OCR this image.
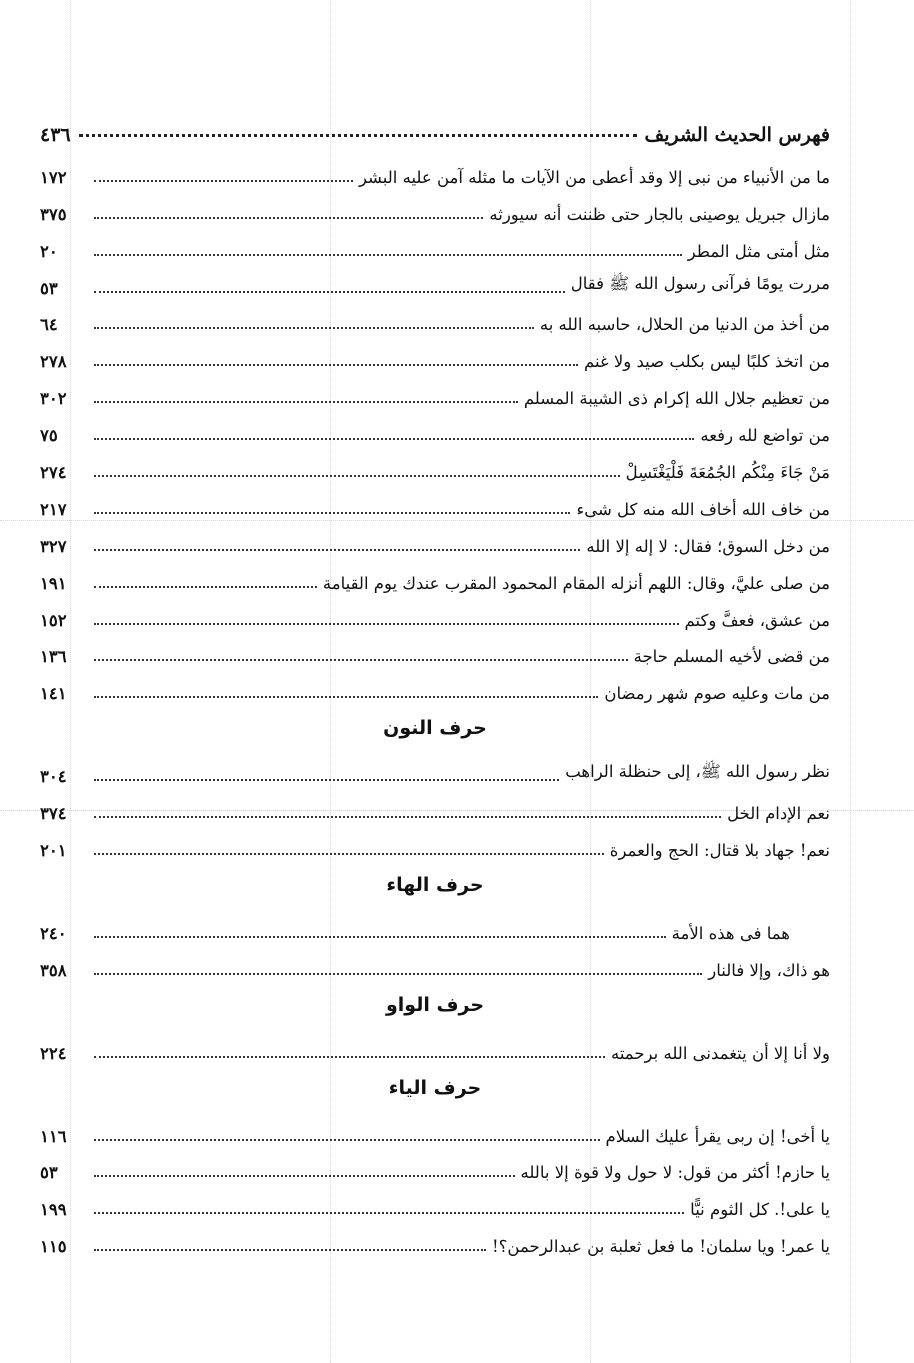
فهرس الحديث الشريف
٤٣٦
ما من الأنبياء من نبى إلا وقد أعطى من الآيات ما مثله آمن عليه البشر
١٧٢
مازال جبريل يوصينى بالجار حتى ظننت أنه سيورثه
٣٧٥
مثل أمتى مثل المطر
٢٠
مررت يومًا فرآنى رسول الله ﷺ فقال
٥٣
من أخذ من الدنيا من الحلال، حاسبه الله به
٦٤
من اتخذ كلبًا ليس بكلب صيد ولا غنم
٢٧٨
من تعظيم جلال الله إكرام ذى الشيبة المسلم
٣٠٢
من تواضع لله رفعه
٧٥
مَنْ جَاءَ مِنْكُم الجُمُعَةَ فَلْيَغْتَسِلْ
٢٧٤
من خاف الله أخاف الله منه كل شىء
٢١٧
من دخل السوق؛ فقال: لا إله إلا الله
٣٢٧
من صلى عليَّ، وقال: اللهم أنزله المقام المحمود المقرب عندك يوم القيامة
١٩١
من عشق، فعفَّ وكتم
١٥٢
من قضى لأخيه المسلم حاجة
١٣٦
من مات وعليه صوم شهر رمضان
١٤١
حرف النون
نظر رسول الله ﷺ، إلى حنظلة الراهب
٣٠٤
نعم الإدام الخل
٣٧٤
نعم! جهاد بلا قتال: الحج والعمرة
٢٠١
حرف الهاء
هما فى هذه الأمة
٢٤٠
هو ذاك، وإلا فالنار
٣٥٨
حرف الواو
ولا أنا إلا أن يتغمدنى الله برحمته
٢٢٤
حرف الياء
يا أخى! إن ربى يقرأ عليك السلام
١١٦
يا حازم! أكثر من قول: لا حول ولا قوة إلا بالله
٥٣
يا على!. كل الثوم نيًّا
١٩٩
يا عمر! ويا سلمان! ما فعل ثعلبة بن عبدالرحمن؟!
١١٥
